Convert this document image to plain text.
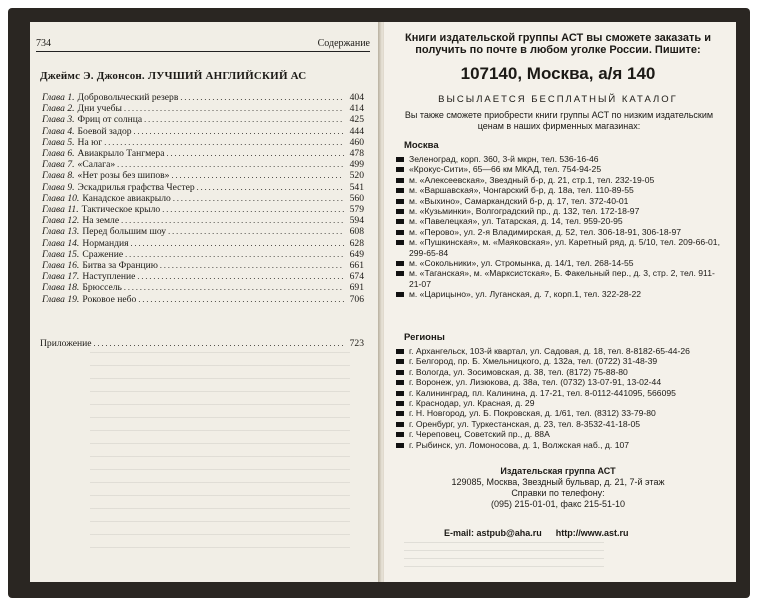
734	Содержание
Джеймс Э. Джонсон. ЛУЧШИЙ АНГЛИЙСКИЙ АС
Глава 1. Добровольческий резерв . . .	404
Глава 2. Дни учебы . . .	414
Глава 3. Фриц от солнца . . .	425
Глава 4. Боевой задор . . .	444
Глава 5. На юг . . .	460
Глава 6. Авиакрыло Тангмера . . .	478
Глава 7. «Салага» . . .	499
Глава 8. «Нет розы без шипов» . . .	520
Глава 9. Эскадрилья графства Честер . . .	541
Глава 10. Канадское авиакрыло . . .	560
Глава 11. Тактическое крыло . . .	579
Глава 12. На земле . . .	594
Глава 13. Перед большим шоу . . .	608
Глава 14. Нормандия . . .	628
Глава 15. Сражение . . .	649
Глава 16. Битва за Францию . . .	661
Глава 17. Наступление . . .	674
Глава 18. Брюссель . . .	691
Глава 19. Роковое небо . . .	706
Приложение . . .	723
Книги издательской группы АСТ вы сможете заказать и получить по почте в любом уголке России. Пишите:
107140, Москва, а/я 140
ВЫСЫЛАЕТСЯ БЕСПЛАТНЫЙ КАТАЛОГ
Вы также сможете приобрести книги группы АСТ по низким издательским ценам в наших фирменных магазинах:
Москва
Зеленоград, корп. 360, 3-й мкрн, тел. 536-16-46
«Крокус-Сити», 65—66 км МКАД, тел. 754-94-25
м. «Алексеевская», Звездный б-р, д. 21, стр.1, тел. 232-19-05
м. «Варшавская», Чонгарский б-р, д. 18а, тел. 110-89-55
м. «Выхино», Самаркандский б-р, д. 17, тел. 372-40-01
м. «Кузьминки», Волгоградский пр., д. 132, тел. 172-18-97
м. «Павелецкая», ул. Татарская, д. 14, тел. 959-20-95
м. «Перово», ул. 2-я Владимирская, д. 52, тел. 306-18-91, 306-18-97
м. «Пушкинская», м. «Маяковская», ул. Каретный ряд, д. 5/10, тел. 209-66-01, 299-65-84
м. «Сокольники», ул. Стромынка, д. 14/1, тел. 268-14-55
м. «Таганская», м. «Марксистская», Б. Факельный пер., д. 3, стр. 2, тел. 911-21-07
м. «Царицыно», ул. Луганская, д. 7, корп.1, тел. 322-28-22
Регионы
г. Архангельск, 103-й квартал, ул. Садовая, д. 18, тел. 8-8182-65-44-26
г. Белгород, пр. Б. Хмельницкого, д. 132а, тел. (0722) 31-48-39
г. Вологда, ул. Зосимовская, д. 38, тел. (8172) 75-88-80
г. Воронеж, ул. Лизюкова, д. 38а, тел. (0732) 13-07-91, 13-02-44
г. Калининград, пл. Калинина, д. 17-21, тел. 8-0112-441095, 566095
г. Краснодар, ул. Красная, д. 29
г. Н. Новгород, ул. Б. Покровская, д. 1/61, тел. (8312) 33-79-80
г. Оренбург, ул. Туркестанская, д. 23, тел. 8-3532-41-18-05
г. Череповец, Советский пр., д. 88А
г. Рыбинск, ул. Ломоносова, д. 1, Волжская наб., д. 107
Издательская группа АСТ
129085, Москва, Звездный бульвар, д. 21, 7-й этаж
Справки по телефону:
(095) 215-01-01, факс 215-51-10
E-mail: astpub@aha.ru http://www.ast.ru
